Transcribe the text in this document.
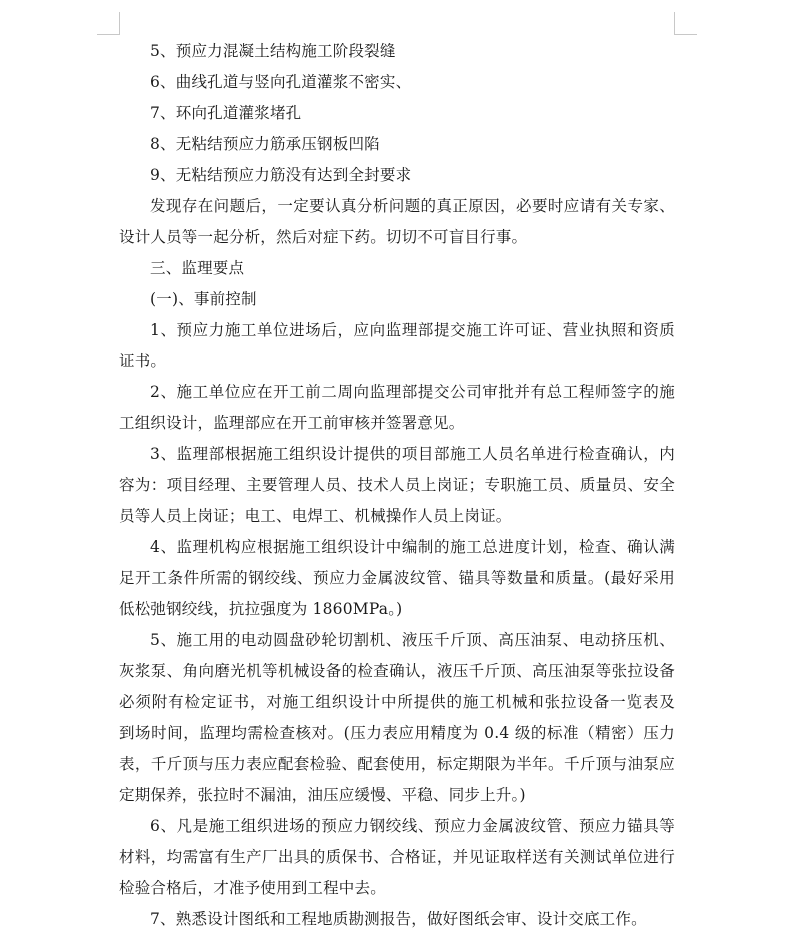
5、预应力混凝土结构施工阶段裂缝
6、曲线孔道与竖向孔道灌浆不密实、
7、环向孔道灌浆堵孔
8、无粘结预应力筋承压钢板凹陷
9、无粘结预应力筋没有达到全封要求
发现存在问题后，一定要认真分析问题的真正原因，必要时应请有关专家、
设计人员等一起分析，然后对症下药。切切不可盲目行事。
三、监理要点
(一)、事前控制
1、预应力施工单位进场后，应向监理部提交施工许可证、营业执照和资质
证书。
2、施工单位应在开工前二周向监理部提交公司审批并有总工程师签字的施
工组织设计，监理部应在开工前审核并签署意见。
3、监理部根据施工组织设计提供的项目部施工人员名单进行检查确认，内
容为：项目经理、主要管理人员、技术人员上岗证；专职施工员、质量员、安全
员等人员上岗证；电工、电焊工、机械操作人员上岗证。
4、监理机构应根据施工组织设计中编制的施工总进度计划，检查、确认满
足开工条件所需的钢绞线、预应力金属波纹管、锚具等数量和质量。(最好采用
低松弛钢绞线，抗拉强度为 1860MPa。)
5、施工用的电动圆盘砂轮切割机、液压千斤顶、高压油泵、电动挤压机、
灰浆泵、角向磨光机等机械设备的检查确认，液压千斤顶、高压油泵等张拉设备
必须附有检定证书，对施工组织设计中所提供的施工机械和张拉设备一览表及
到场时间，监理均需检查核对。(压力表应用精度为 0.4 级的标准（精密）压力
表，千斤顶与压力表应配套检验、配套使用，标定期限为半年。千斤顶与油泵应
定期保养，张拉时不漏油，油压应缓慢、平稳、同步上升。)
6、凡是施工组织进场的预应力钢绞线、预应力金属波纹管、预应力锚具等
材料，均需富有生产厂出具的质保书、合格证，并见证取样送有关测试单位进行
检验合格后，才准予使用到工程中去。
7、熟悉设计图纸和工程地质勘测报告，做好图纸会审、设计交底工作。
